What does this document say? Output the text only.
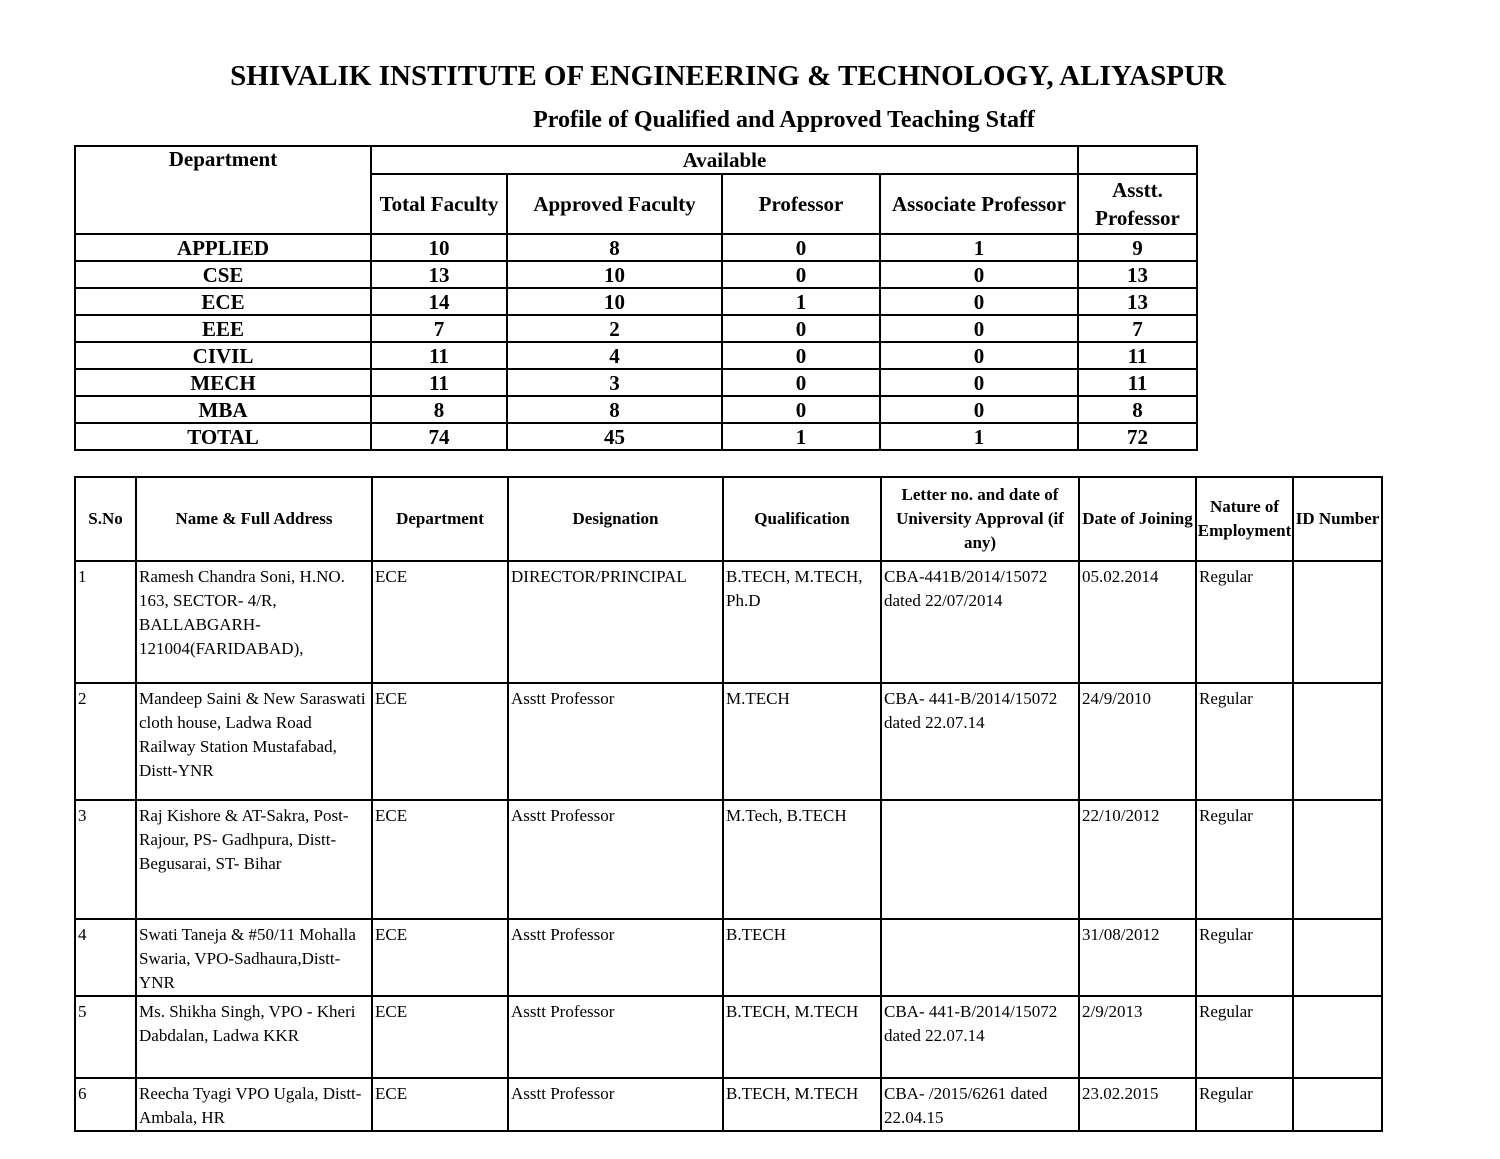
SHIVALIK INSTITUTE OF ENGINEERING & TECHNOLOGY, ALIYASPUR
Profile of Qualified and Approved Teaching Staff
Department	Available				
	Total Faculty	Approved Faculty	Professor	Associate Professor	Asstt. Professor
APPLIED	10	8	0	1	9
CSE	13	10	0	0	13
ECE	14	10	1	0	13
EEE	7	2	0	0	7
CIVIL	11	4	0	0	11
MECH	11	3	0	0	11
MBA	8	8	0	0	8
TOTAL	74	45	1	1	72
S.No	Name & Full Address	Department	Designation	Qualification	Letter no. and date of University Approval (if any)	Date of Joining	Nature of Employment	ID Number
1	Ramesh Chandra Soni, H.NO. 163, SECTOR- 4/R, BALLABGARH-121004(FARIDABAD),	ECE	DIRECTOR/PRINCIPAL	B.TECH, M.TECH, Ph.D	CBA-441B/2014/15072 dated 22/07/2014	05.02.2014	Regular	
2	Mandeep Saini & New Saraswati cloth house, Ladwa Road Railway Station Mustafabad, Distt-YNR	ECE	Asstt Professor	M.TECH	CBA- 441-B/2014/15072 dated 22.07.14	24/9/2010	Regular	
3	Raj Kishore & AT-Sakra, Post-Rajour, PS- Gadhpura, Distt- Begusarai, ST- Bihar	ECE	Asstt Professor	M.Tech, B.TECH		22/10/2012	Regular	
4	Swati Taneja & #50/11 Mohalla Swaria, VPO-Sadhaura,Distt-YNR	ECE	Asstt Professor	B.TECH		31/08/2012	Regular	
5	Ms. Shikha Singh, VPO - Kheri Dabdalan, Ladwa KKR	ECE	Asstt Professor	B.TECH, M.TECH	CBA- 441-B/2014/15072 dated 22.07.14	2/9/2013	Regular	
6	Reecha Tyagi VPO Ugala, Distt- Ambala, HR	ECE	Asstt Professor	B.TECH, M.TECH	CBA- /2015/6261 dated 22.04.15	23.02.2015	Regular	
